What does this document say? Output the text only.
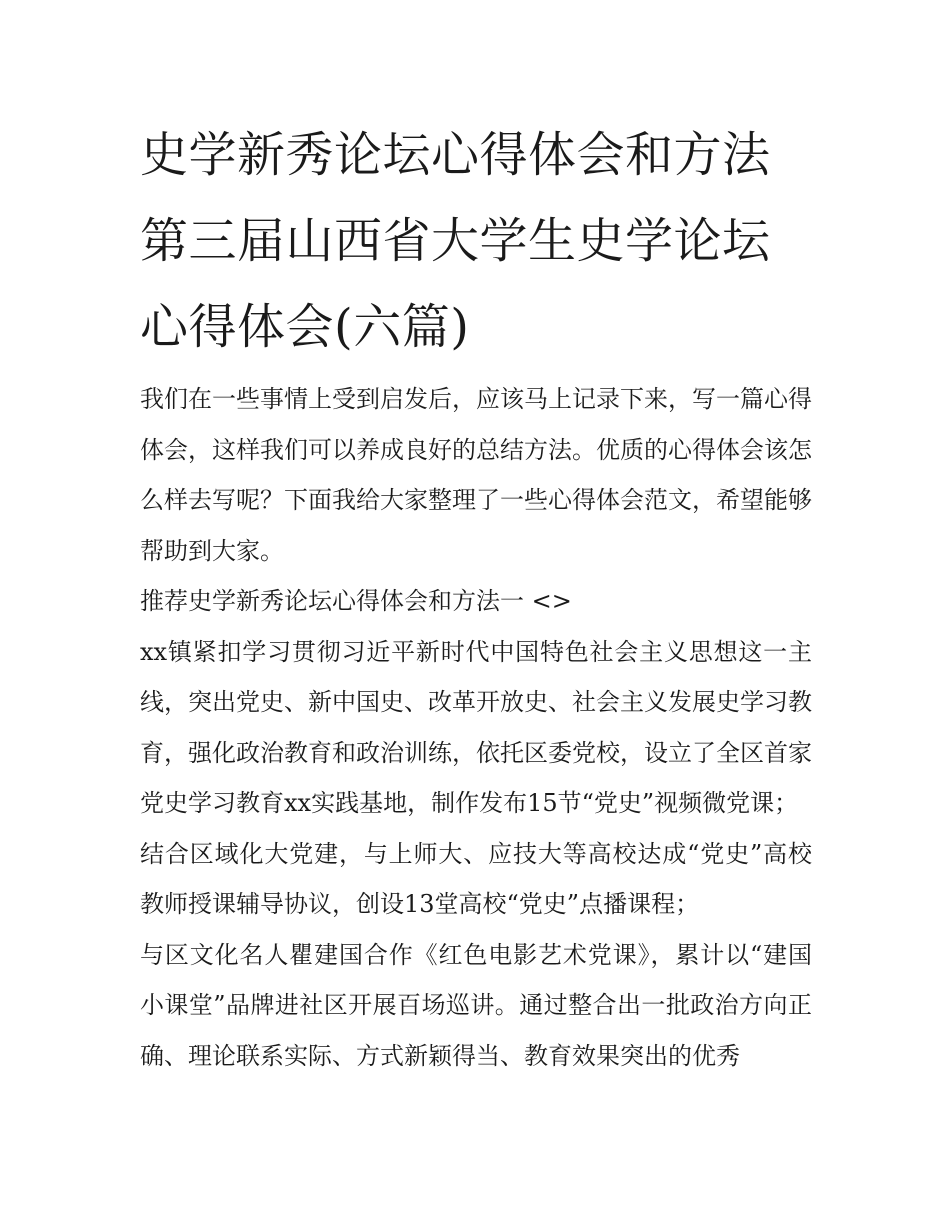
史学新秀论坛心得体会和方法第三届山西省大学生史学论坛心得体会(六篇)

我们在一些事情上受到启发后，应该马上记录下来，写一篇心得体会，这样我们可以养成良好的总结方法。优质的心得体会该怎么样去写呢？下面我给大家整理了一些心得体会范文，希望能够帮助到大家。

推荐史学新秀论坛心得体会和方法一 <>

xx镇紧扣学习贯彻习近平新时代中国特色社会主义思想这一主线，突出党史、新中国史、改革开放史、社会主义发展史学习教育，强化政治教育和政治训练，依托区委党校，设立了全区首家党史学习教育xx实践基地，制作发布15节“党史”视频微党课；

结合区域化大党建，与上师大、应技大等高校达成“党史”高校教师授课辅导协议，创设13堂高校“党史”点播课程；

与区文化名人瞿建国合作《红色电影艺术党课》，累计以“建国小课堂”品牌进社区开展百场巡讲。通过整合出一批政治方向正确、理论联系实际、方式新颖得当、教育效果突出的优秀
